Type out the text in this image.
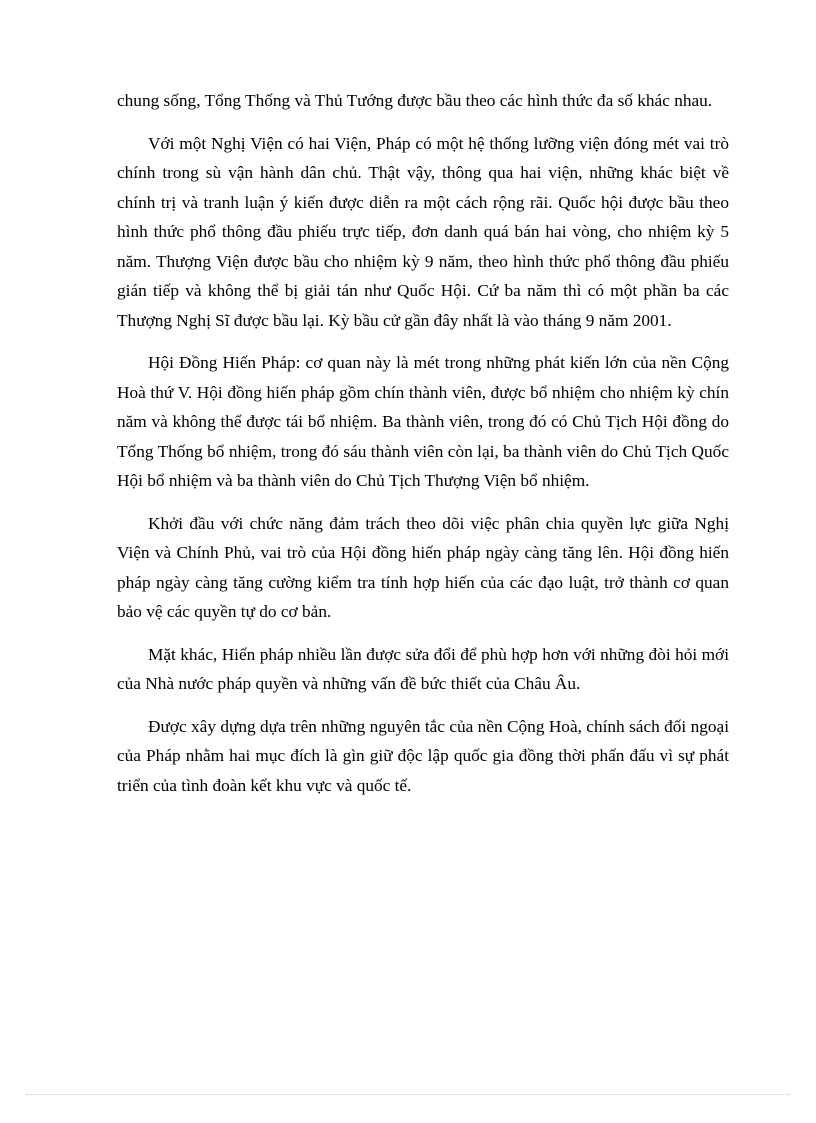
chung sống, Tổng Thống và Thủ Tướng được bầu theo các hình thức đa số khác nhau.

Với một Nghị Viện có hai Viện, Pháp có một hệ thống lưỡng viện đóng mét vai trò chính trong sù vận hành dân chủ. Thật vậy, thông qua hai viện, những khác biệt về chính trị và tranh luận ý kiến được diễn ra một cách rộng rãi. Quốc hội được bầu theo hình thức phổ thông đầu phiếu trực tiếp, đơn danh quá bán hai vòng, cho nhiệm kỳ 5 năm. Thượng Viện được bầu cho nhiệm kỳ 9 năm, theo hình thức phổ thông đầu phiếu gián tiếp và không thể bị giải tán như Quốc Hội. Cứ ba năm thì có một phần ba các Thượng Nghị Sĩ được bầu lại. Kỳ bầu cử gần đây nhất là vào tháng 9 năm 2001.

Hội Đồng Hiến Pháp: cơ quan này là mét trong những phát kiến lớn của nền Cộng Hoà thứ V. Hội đồng hiến pháp gồm chín thành viên, được bổ nhiệm cho nhiệm kỳ chín năm và không thể được tái bổ nhiệm. Ba thành viên, trong đó có Chủ Tịch Hội đồng do Tổng Thống bổ nhiệm, trong đó sáu thành viên còn lại, ba thành viên do Chủ Tịch Quốc Hội bổ nhiệm và ba thành viên do Chủ Tịch Thượng Viện bổ nhiệm.

Khởi đầu với chức năng đảm trách theo dõi việc phân chia quyền lực giữa Nghị Viện và Chính Phủ, vai trò của Hội đồng hiến pháp ngày càng tăng lên. Hội đồng hiến pháp ngày càng tăng cường kiểm tra tính hợp hiến của các đạo luật, trở thành cơ quan bảo vệ các quyền tự do cơ bản.

Mặt khác, Hiến pháp nhiều lần được sửa đổi để phù hợp hơn với những đòi hỏi mới của Nhà nước pháp quyền và những vấn đề bức thiết của Châu Âu.

Được xây dựng dựa trên những nguyên tắc của nền Cộng Hoà, chính sách đối ngoại của Pháp nhằm hai mục đích là gìn giữ độc lập quốc gia đồng thời phấn đấu vì sự phát triển của tình đoàn kết khu vực và quốc tế.
